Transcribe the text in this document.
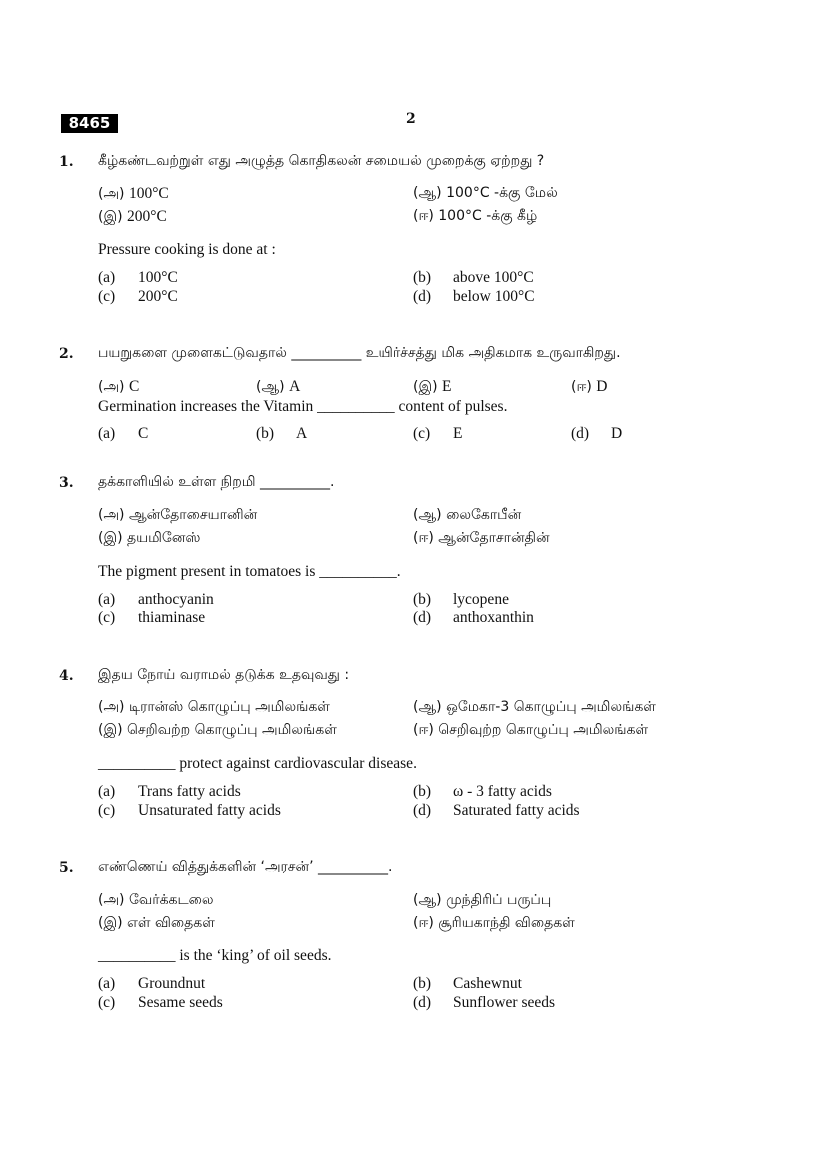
8465	2
1. கீழ்கண்டவற்றுள் எது அழுத்த கொதிகலன் சமையல் முறைக்கு ஏற்றது ?
(அ) 100°C	(ஆ) 100°C -க்கு மேல்
(இ) 200°C	(ஈ) 100°C -க்கு கீழ்
Pressure cooking is done at :
(a) 100°C	(b) above 100°C
(c) 200°C	(d) below 100°C
2. பயறுகளை முளைகட்டுவதால் __________ உயிர்ச்சத்து மிக அதிகமாக உருவாகிறது.
(அ) C	(ஆ) A	(இ) E	(ஈ) D
Germination increases the Vitamin __________ content of pulses.
(a) C	(b) A	(c) E	(d) D
3. தக்காளியில் உள்ள நிறமி __________.
(அ) ஆன்தோசையானின்	(ஆ) லைகோபீன்
(இ) தயமினேஸ்	(ஈ) ஆன்தோசான்தின்
The pigment present in tomatoes is __________.
(a) anthocyanin	(b) lycopene
(c) thiaminase	(d) anthoxanthin
4. இதய நோய் வராமல் தடுக்க உதவுவது :
(அ) டிரான்ஸ் கொழுப்பு அமிலங்கள்	(ஆ) ஒமேகா-3 கொழுப்பு அமிலங்கள்
(இ) செறிவற்ற கொழுப்பு அமிலங்கள்	(ஈ) செறிவுற்ற கொழுப்பு அமிலங்கள்
__________ protect against cardiovascular disease.
(a) Trans fatty acids	(b) ω - 3 fatty acids
(c) Unsaturated fatty acids	(d) Saturated fatty acids
5. எண்ணெய் வித்துக்களின் ‘அரசன்’ __________.
(அ) வேர்க்கடலை	(ஆ) முந்திரிப் பருப்பு
(இ) எள் விதைகள்	(ஈ) சூரியகாந்தி விதைகள்
__________ is the ‘king’ of oil seeds.
(a) Groundnut	(b) Cashewnut
(c) Sesame seeds	(d) Sunflower seeds
